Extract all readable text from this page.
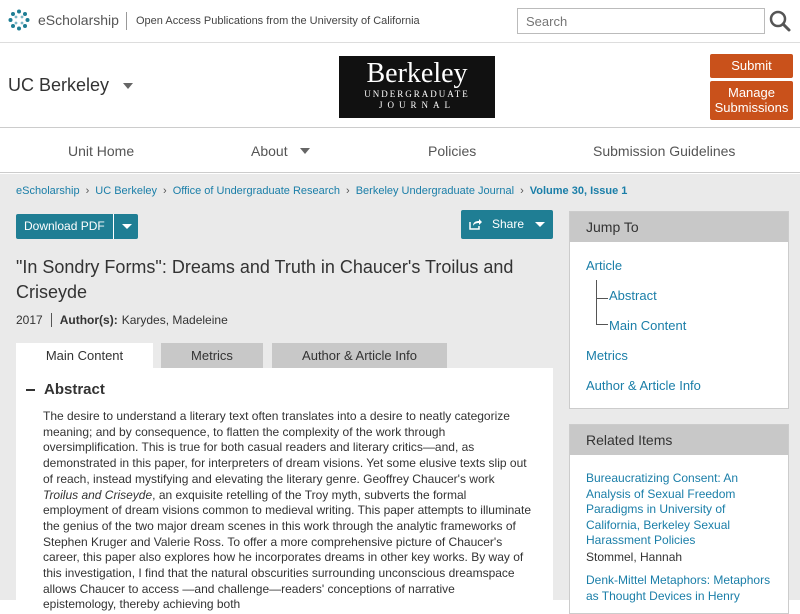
eScholarship Open Access Publications from the University of California
Search
UC Berkeley	Berkeley
UNDERGRADUATE
JOURNAL
Submit
Manage
Submissions
Unit Home	About	Policies	Submission Guidelines
eScholarship › UC Berkeley › Office of Undergraduate Research › Berkeley Undergraduate Journal › Volume 30, Issue 1
Download PDF	Share
"In Sondry Forms": Dreams and Truth in Chaucer's Troilus and Criseyde
2017 Author(s): Karydes, Madeleine
Main Content	Metrics	Author & Article Info
Abstract
The desire to understand a literary text often translates into a desire to neatly categorize meaning; and by consequence, to flatten the complexity of the work through oversimplification. This is true for both casual readers and literary critics—and, as demonstrated in this paper, for interpreters of dream visions. Yet some elusive texts slip out of reach, instead mystifying and elevating the literary genre. Geoffrey Chaucer's work Troilus and Criseyde, an exquisite retelling of the Troy myth, subverts the formal employment of dream visions common to medieval writing. This paper attempts to illuminate the genius of the two major dream scenes in this work through the analytic frameworks of Stephen Kruger and Valerie Ross. To offer a more comprehensive picture of Chaucer's career, this paper also explores how he incorporates dreams in other key works. By way of this investigation, I find that the natural obscurities surrounding unconscious dreamspace allows Chaucer to access —and challenge—readers' conceptions of narrative epistemology, thereby achieving both
Jump To
Article
Abstract
Main Content
Metrics
Author & Article Info
Related Items
Bureaucratizing Consent: An
Analysis of Sexual Freedom
Paradigms in University of
California, Berkeley Sexual
Harassment Policies
Stommel, Hannah
Denk-Mittel Metaphors: Metaphors
as Thought Devices in Henry
